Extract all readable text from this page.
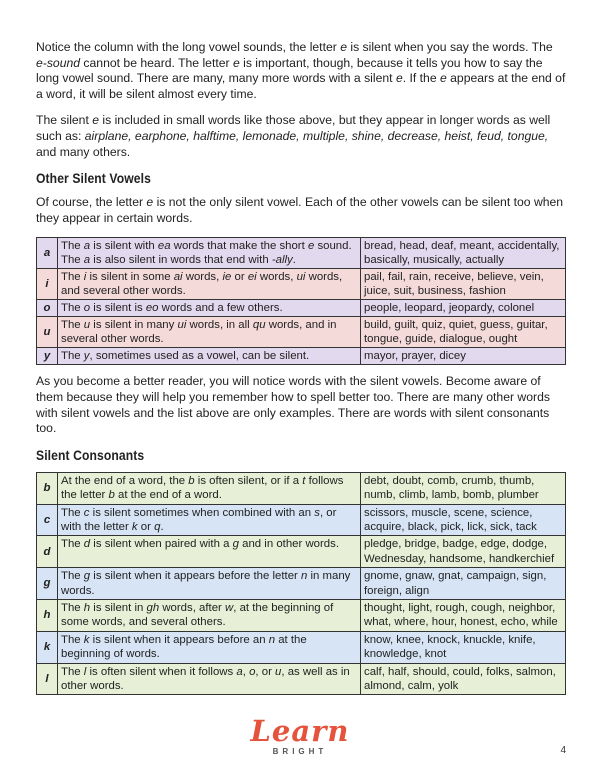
Notice the column with the long vowel sounds, the letter e is silent when you say the words. The e-sound cannot be heard. The letter e is important, though, because it tells you how to say the long vowel sound. There are many, many more words with a silent e. If the e appears at the end of a word, it will be silent almost every time.

The silent e is included in small words like those above, but they appear in longer words as well such as: airplane, earphone, halftime, lemonade, multiple, shine, decrease, heist, feud, tongue, and many others.

Other Silent Vowels

Of course, the letter e is not the only silent vowel. Each of the other vowels can be silent too when they appear in certain words.

a	The a is silent with ea words that make the short e sound. The a is also silent in words that end with -ally.	bread, head, deaf, meant, accidentally, basically, musically, actually
i	The i is silent in some ai words, ie or ei words, ui words, and several other words.	pail, fail, rain, receive, believe, vein, juice, suit, business, fashion
o	The o is silent is eo words and a few others.	people, leopard, jeopardy, colonel
u	The u is silent in many ui words, in all qu words, and in several other words.	build, guilt, quiz, quiet, guess, guitar, tongue, guide, dialogue, ought
y	The y, sometimes used as a vowel, can be silent.	mayor, prayer, dicey

As you become a better reader, you will notice words with the silent vowels. Become aware of them because they will help you remember how to spell better too. There are many other words with silent vowels and the list above are only examples. There are words with silent consonants too.

Silent Consonants
b	At the end of a word, the b is often silent, or if a t follows the letter b at the end of a word.	debt, doubt, comb, crumb, thumb, numb, climb, lamb, bomb, plumber
c	The c is silent sometimes when combined with an s, or with the letter k or q.	scissors, muscle, scene, science, acquire, black, pick, lick, sick, tack
d	The d is silent when paired with a g and in other words.	pledge, bridge, badge, edge, dodge, Wednesday, handsome, handkerchief
g	The g is silent when it appears before the letter n in many words.	gnome, gnaw, gnat, campaign, sign, foreign, align
h	The h is silent in gh words, after w, at the beginning of some words, and several others.	thought, light, rough, cough, neighbor, what, where, hour, honest, echo, while
k	The k is silent when it appears before an n at the beginning of words.	know, knee, knock, knuckle, knife, knowledge, knot
l	The l is often silent when it follows a, o, or u, as well as in other words.	calf, half, should, could, folks, salmon, almond, calm, yolk
Learn
BRIGHT	4
